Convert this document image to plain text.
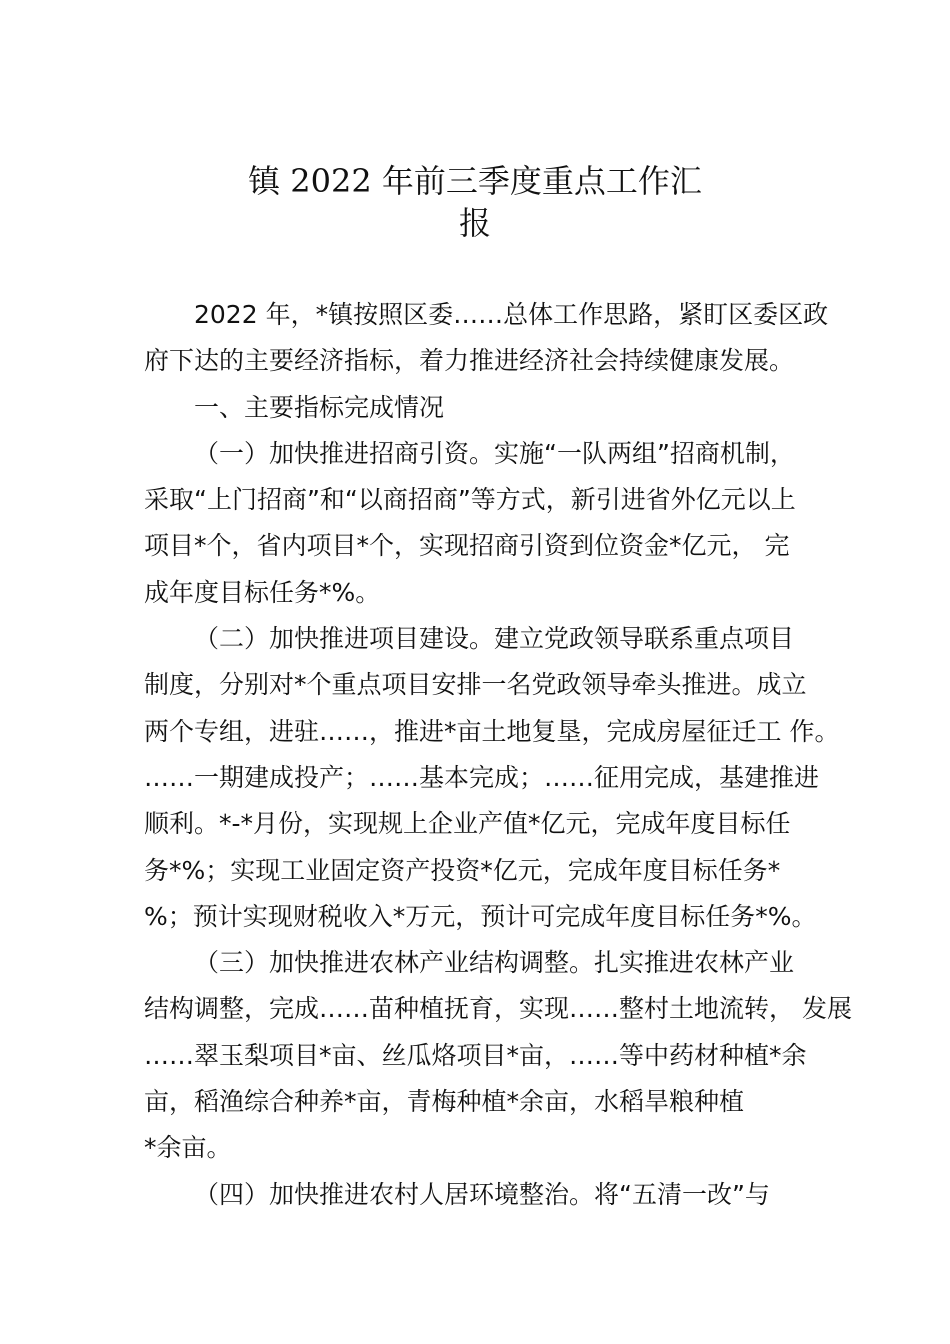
镇 2022 年前三季度重点工作汇
报
2022 年，*镇按照区委……总体工作思路，紧盯区委区政
府下达的主要经济指标，着力推进经济社会持续健康发展。
一、主要指标完成情况
（一）加快推进招商引资。实施“一队两组”招商机制，
采取“上门招商”和“以商招商”等方式，新引进省外亿元以上
项目*个，省内项目*个，实现招商引资到位资金*亿元， 完
成年度目标任务*%。
（二）加快推进项目建设。建立党政领导联系重点项目
制度，分别对*个重点项目安排一名党政领导牵头推进。成立
两个专组，进驻……，推进*亩土地复垦，完成房屋征迁工 作。
……一期建成投产；……基本完成；……征用完成，基建推进
顺利。*-*月份，实现规上企业产值*亿元，完成年度目标任
务*%；实现工业固定资产投资*亿元，完成年度目标任务*
%；预计实现财税收入*万元，预计可完成年度目标任务*%。
（三）加快推进农林产业结构调整。扎实推进农林产业
结构调整，完成……苗种植抚育，实现……整村土地流转， 发展
……翠玉梨项目*亩、丝瓜烙项目*亩，……等中药材种植*余
亩，稻渔综合种养*亩，青梅种植*余亩，水稻旱粮种植
*余亩。
（四）加快推进农村人居环境整治。将“五清一改”与
